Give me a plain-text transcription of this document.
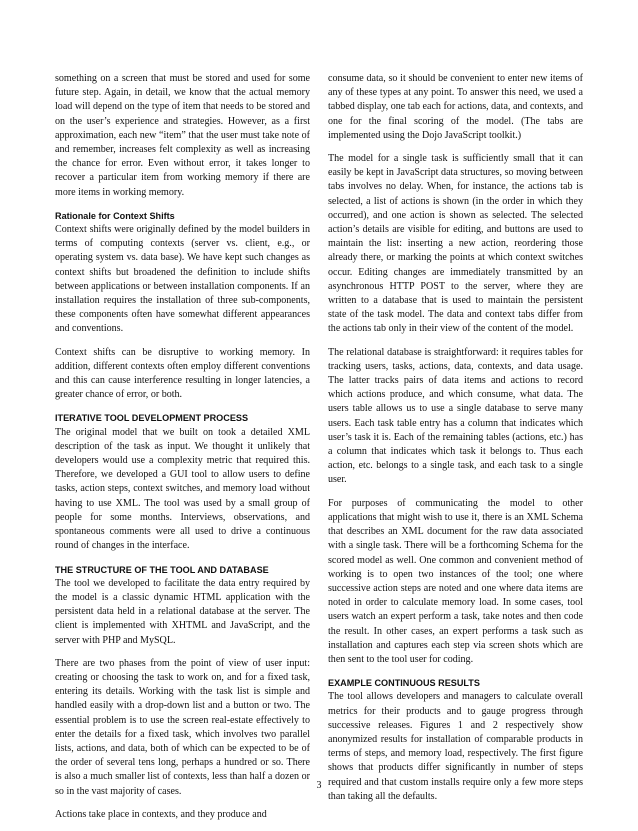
something on a screen that must be stored and used for some future step. Again, in detail, we know that the actual memory load will depend on the type of item that needs to be stored and on the user’s experience and strategies. However, as a first approximation, each new “item” that the user must take note of and remember, increases felt complexity as well as increasing the chance for error. Even without error, it takes longer to recover a particular item from working memory if there are more items in working memory.

Rationale for Context Shifts

Context shifts were originally defined by the model builders in terms of computing contexts (server vs. client, e.g., or operating system vs. data base). We have kept such changes as context shifts but broadened the definition to include shifts between applications or between installation components. If an installation requires the installation of three sub-components, these components often have somewhat different appearances and conventions.

Context shifts can be disruptive to working memory. In addition, different contexts often employ different conventions and this can cause interference resulting in longer latencies, a greater chance of error, or both.

ITERATIVE TOOL DEVELOPMENT PROCESS

The original model that we built on took a detailed XML description of the task as input. We thought it unlikely that developers would use a complexity metric that required this. Therefore, we developed a GUI tool to allow users to define tasks, action steps, context switches, and memory load without having to use XML. The tool was used by a small group of people for some months. Interviews, observations, and spontaneous comments were all used to drive a continuous round of changes in the interface.

THE STRUCTURE OF THE TOOL AND DATABASE

The tool we developed to facilitate the data entry required by the model is a classic dynamic HTML application with the persistent data held in a relational database at the server. The client is implemented with XHTML and JavaScript, and the server with PHP and MySQL.

There are two phases from the point of view of user input: creating or choosing the task to work on, and for a fixed task, entering its details. Working with the task list is simple and handled easily with a drop-down list and a button or two. The essential problem is to use the screen real-estate effectively to enter the details for a fixed task, which involves two parallel lists, actions, and data, both of which can be expected to be of the order of several tens long, perhaps a hundred or so. There is also a much smaller list of contexts, less than half a dozen or so in the vast majority of cases.

Actions take place in contexts, and they produce and

consume data, so it should be convenient to enter new items of any of these types at any point. To answer this need, we used a tabbed display, one tab each for actions, data, and contexts, and one for the final scoring of the model. (The tabs are implemented using the Dojo JavaScript toolkit.)

The model for a single task is sufficiently small that it can easily be kept in JavaScript data structures, so moving between tabs involves no delay. When, for instance, the actions tab is selected, a list of actions is shown (in the order in which they occurred), and one action is shown as selected. The selected action’s details are visible for editing, and buttons are used to maintain the list: inserting a new action, reordering those already there, or marking the points at which context switches occur. Editing changes are immediately transmitted by an asynchronous HTTP POST to the server, where they are written to a database that is used to maintain the persistent state of the task model. The data and context tabs differ from the actions tab only in their view of the content of the model.

The relational database is straightforward: it requires tables for tracking users, tasks, actions, data, contexts, and data usage. The latter tracks pairs of data items and actions to record which actions produce, and which consume, what data. The users table allows us to use a single database to serve many users. Each task table entry has a column that indicates which user’s task it is. Each of the remaining tables (actions, etc.) has a column that indicates which task it belongs to. Thus each action, etc. belongs to a single task, and each task to a single user.

For purposes of communicating the model to other applications that might wish to use it, there is an XML Schema that describes an XML document for the raw data associated with a single task. There will be a forthcoming Schema for the scored model as well. One common and convenient method of working is to open two instances of the tool; one where successive action steps are noted and one where data items are noted in order to calculate memory load. In some cases, tool users watch an expert perform a task, take notes and then code the result. In other cases, an expert performs a task such as installation and captures each step via screen shots which are then sent to the tool user for coding.

EXAMPLE CONTINUOUS RESULTS

The tool allows developers and managers to calculate overall metrics for their products and to gauge progress through successive releases. Figures 1 and 2 respectively show anonymized results for installation of comparable products in terms of steps, and memory load, respectively. The first figure shows that products differ significantly in number of steps required and that custom installs require only a few more steps than taking all the defaults.

3
